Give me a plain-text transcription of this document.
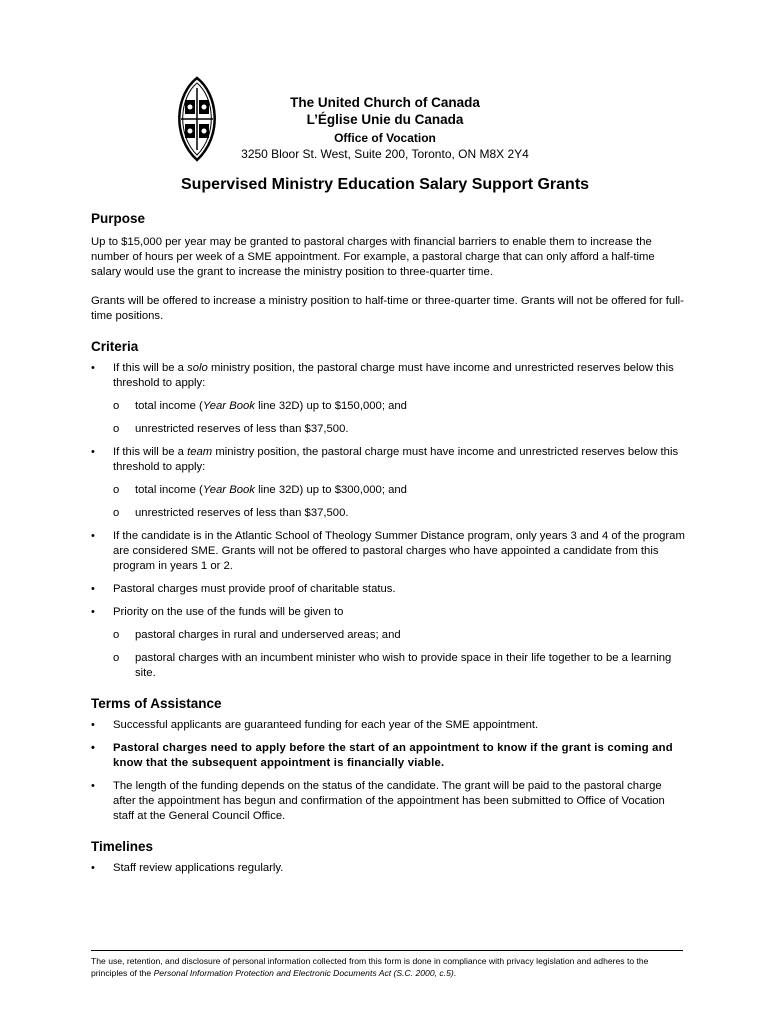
The United Church of Canada
L’Église Unie du Canada
Office of Vocation
3250 Bloor St. West, Suite 200, Toronto, ON M8X 2Y4
Supervised Ministry Education Salary Support Grants
Purpose

Up to $15,000 per year may be granted to pastoral charges with financial barriers to enable them to increase the number of hours per week of a SME appointment. For example, a pastoral charge that can only afford a half-time salary would use the grant to increase the ministry position to three-quarter time.

Grants will be offered to increase a ministry position to half-time or three-quarter time. Grants will not be offered for full-time positions.

Criteria
• If this will be a solo ministry position, the pastoral charge must have income and unrestricted reserves below this threshold to apply:
o total income (Year Book line 32D) up to $150,000; and
o unrestricted reserves of less than $37,500.
• If this will be a team ministry position, the pastoral charge must have income and unrestricted reserves below this threshold to apply:
o total income (Year Book line 32D) up to $300,000; and
o unrestricted reserves of less than $37,500.
• If the candidate is in the Atlantic School of Theology Summer Distance program, only years 3 and 4 of the program are considered SME. Grants will not be offered to pastoral charges who have appointed a candidate from this program in years 1 or 2.
• Pastoral charges must provide proof of charitable status.
• Priority on the use of the funds will be given to
o pastoral charges in rural and underserved areas; and
o pastoral charges with an incumbent minister who wish to provide space in their life together to be a learning site.
Terms of Assistance
• Successful applicants are guaranteed funding for each year of the SME appointment.
• Pastoral charges need to apply before the start of an appointment to know if the grant is coming and know that the subsequent appointment is financially viable.
• The length of the funding depends on the status of the candidate. The grant will be paid to the pastoral charge after the appointment has begun and confirmation of the appointment has been submitted to Office of Vocation staff at the General Council Office.
Timelines
• Staff review applications regularly.
The use, retention, and disclosure of personal information collected from this form is done in compliance with privacy legislation and adheres to the principles of the Personal Information Protection and Electronic Documents Act (S.C. 2000, c.5).
